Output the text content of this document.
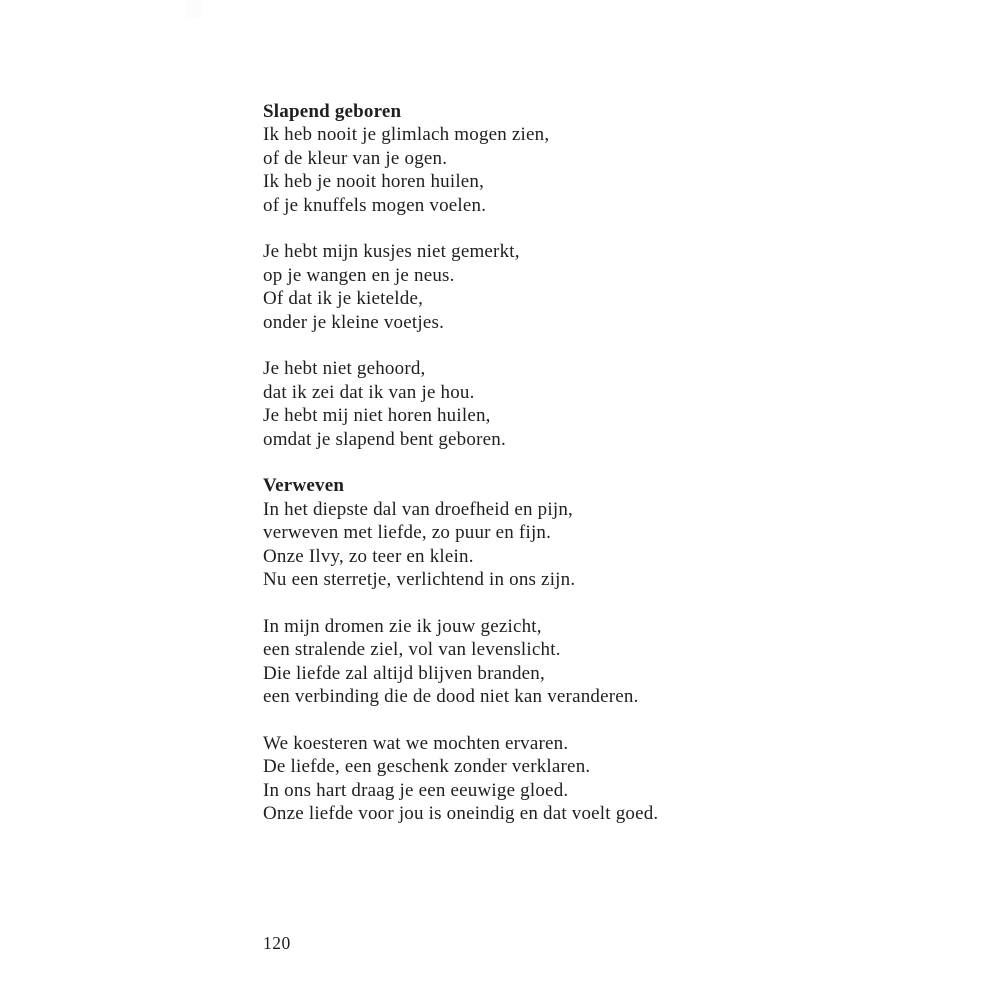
Slapend geboren
Ik heb nooit je glimlach mogen zien,
of de kleur van je ogen.
Ik heb je nooit horen huilen,
of je knuffels mogen voelen.
Je hebt mijn kusjes niet gemerkt,
op je wangen en je neus.
Of dat ik je kietelde,
onder je kleine voetjes.
Je hebt niet gehoord,
dat ik zei dat ik van je hou.
Je hebt mij niet horen huilen,
omdat je slapend bent geboren.
Verweven
In het diepste dal van droefheid en pijn,
verweven met liefde, zo puur en fijn.
Onze Ilvy, zo teer en klein.
Nu een sterretje, verlichtend in ons zijn.
In mijn dromen zie ik jouw gezicht,
een stralende ziel, vol van levenslicht.
Die liefde zal altijd blijven branden,
een verbinding die de dood niet kan veranderen.
We koesteren wat we mochten ervaren.
De liefde, een geschenk zonder verklaren.
In ons hart draag je een eeuwige gloed.
Onze liefde voor jou is oneindig en dat voelt goed.
120
